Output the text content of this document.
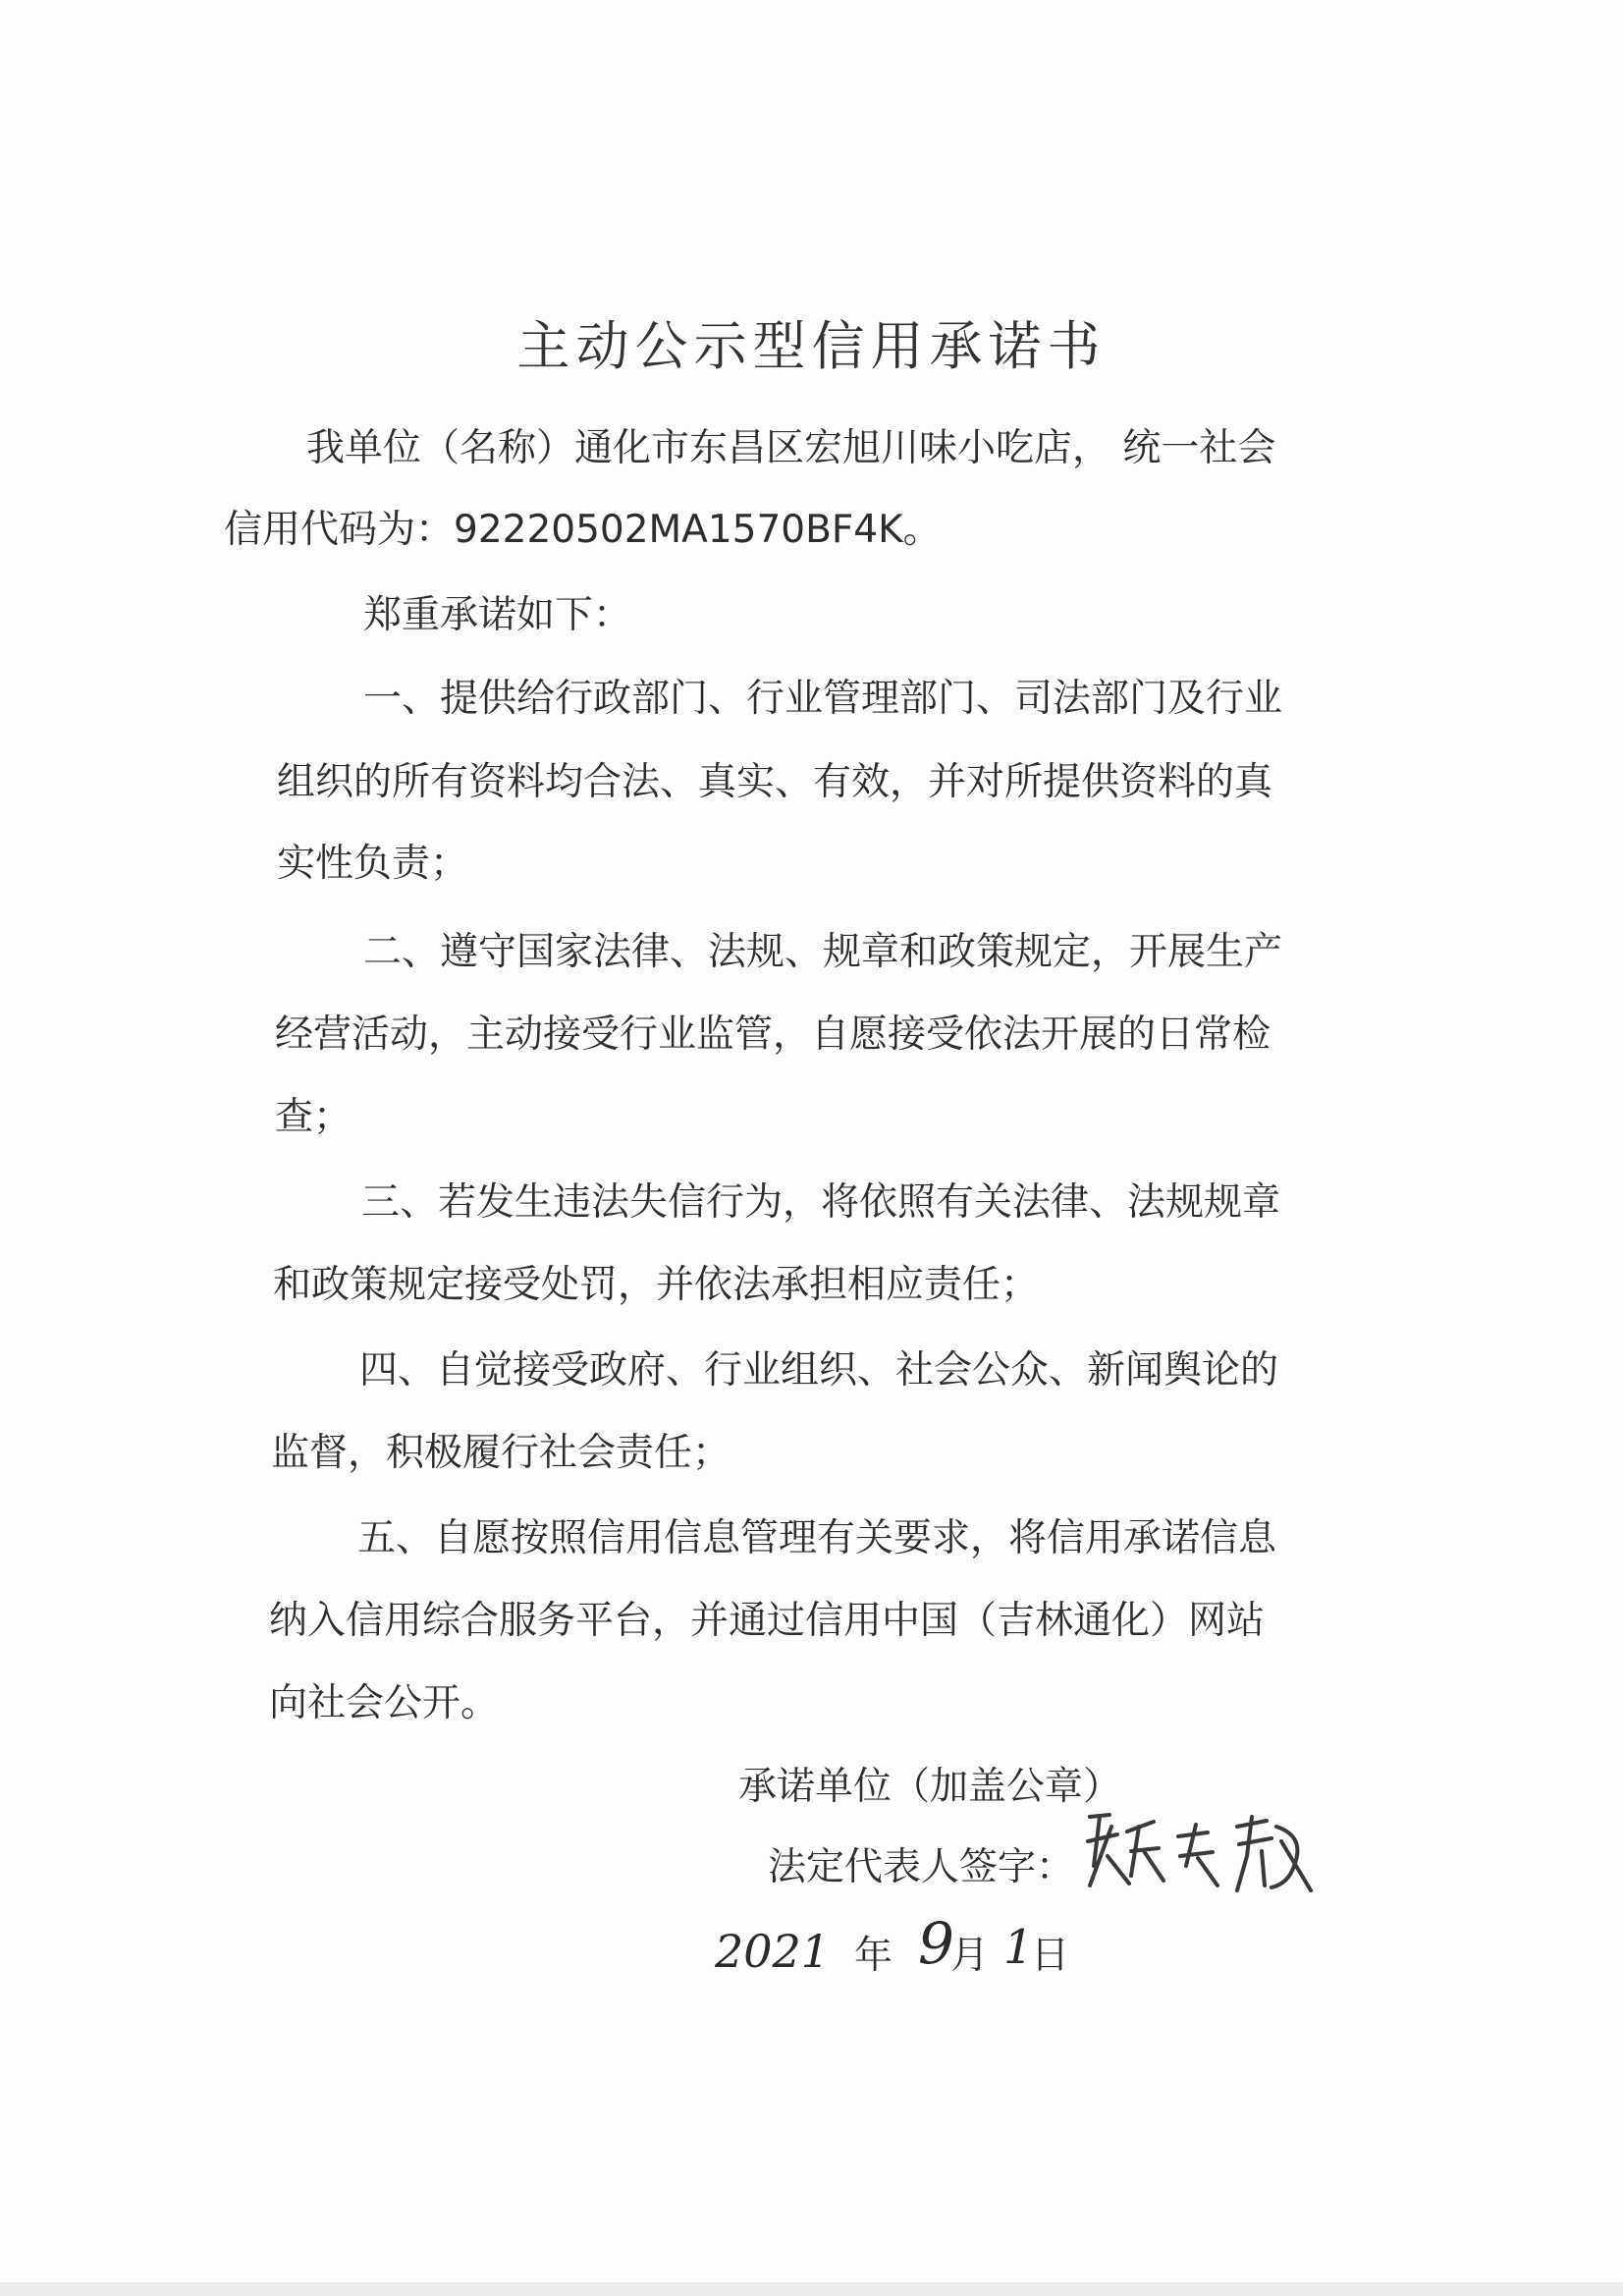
主动公示型信用承诺书
我单位（名称）通化市东昌区宏旭川味小吃店， 统一社会
信用代码为：92220502MA1570BF4K。
郑重承诺如下：
一、提供给行政部门、行业管理部门、司法部门及行业
组织的所有资料均合法、真实、有效，并对所提供资料的真
实性负责；
二、遵守国家法律、法规、规章和政策规定，开展生产
经营活动，主动接受行业监管，自愿接受依法开展的日常检
查；
三、若发生违法失信行为，将依照有关法律、法规规章
和政策规定接受处罚，并依法承担相应责任；
四、自觉接受政府、行业组织、社会公众、新闻舆论的
监督，积极履行社会责任；
五、自愿按照信用信息管理有关要求，将信用承诺信息
纳入信用综合服务平台，并通过信用中国（吉林通化）网站
向社会公开。
承诺单位（加盖公章）
法定代表人签字：
2021 年 9
月 1
日
